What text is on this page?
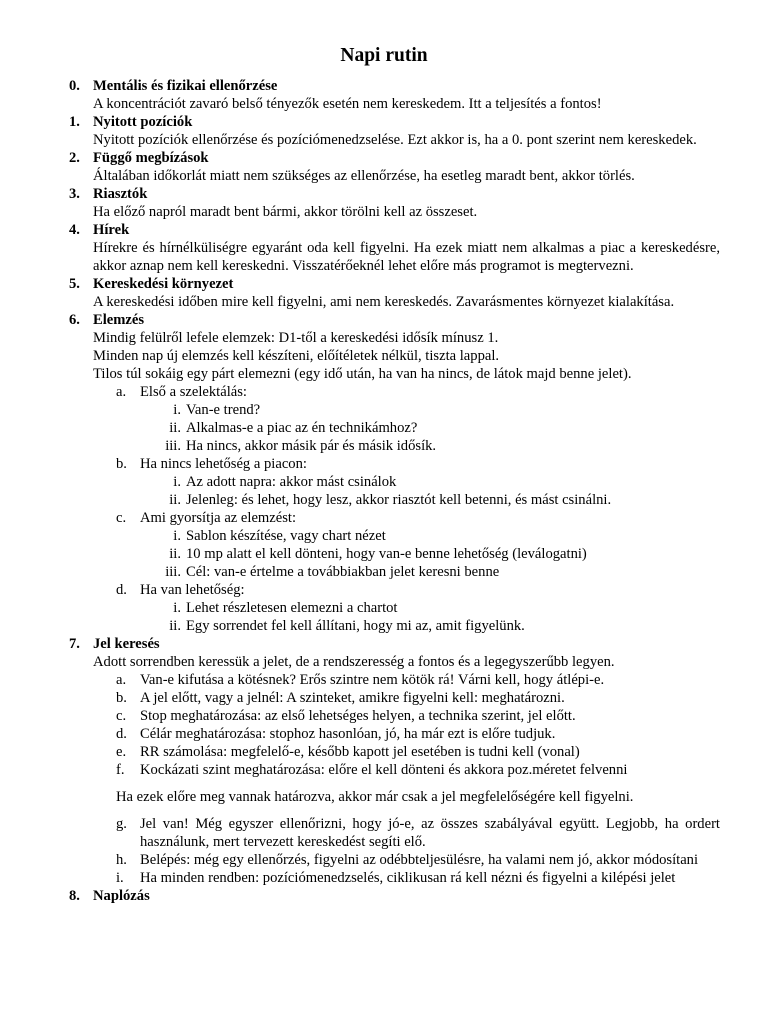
Napi rutin
0. Mentális és fizikai ellenőrzése
A koncentrációt zavaró belső tényezők esetén nem kereskedem. Itt a teljesítés a fontos!
1. Nyitott pozíciók
Nyitott pozíciók ellenőrzése és pozíciómenedzselése. Ezt akkor is, ha a 0. pont szerint nem kereskedek.
2. Függő megbízások
Általában időkorlát miatt nem szükséges az ellenőrzése, ha esetleg maradt bent, akkor törlés.
3. Riasztók
Ha előző napról maradt bent bármi, akkor törölni kell az összeset.
4. Hírek
Hírekre és hírnélküliségre egyaránt oda kell figyelni. Ha ezek miatt nem alkalmas a piac a kereskedésre, akkor aznap nem kell kereskedni. Visszatérőeknél lehet előre más programot is megtervezni.
5. Kereskedési környezet
A kereskedési időben mire kell figyelni, ami nem kereskedés. Zavarásmentes környezet kialakítása.
6. Elemzés
Mindig felülről lefele elemzek: D1-től a kereskedési idősík mínusz 1.
Minden nap új elemzés kell készíteni, előítéletek nélkül, tiszta lappal.
Tilos túl sokáig egy párt elemezni (egy idő után, ha van ha nincs, de látok majd benne jelet).
a. Első a szelektálás:
i. Van-e trend?
ii. Alkalmas-e a piac az én technikámhoz?
iii. Ha nincs, akkor másik pár és másik idősík.
b. Ha nincs lehetőség a piacon:
i. Az adott napra: akkor mást csinálok
ii. Jelenleg: és lehet, hogy lesz, akkor riasztót kell betenni, és mást csinálni.
c. Ami gyorsítja az elemzést:
i. Sablon készítése, vagy chart nézet
ii. 10 mp alatt el kell dönteni, hogy van-e benne lehetőség (leválogatni)
iii. Cél: van-e értelme a továbbiakban jelet keresni benne
d. Ha van lehetőség:
i. Lehet részletesen elemezni a chartot
ii. Egy sorrendet fel kell állítani, hogy mi az, amit figyelünk.
7. Jel keresés
Adott sorrendben keressük a jelet, de a rendszeresség a fontos és a legegyszerűbb legyen.
a. Van-e kifutása a kötésnek? Erős szintre nem kötök rá! Várni kell, hogy átlépi-e.
b. A jel előtt, vagy a jelnél: A szinteket, amikre figyelni kell: meghatározni.
c. Stop meghatározása: az első lehetséges helyen, a technika szerint, jel előtt.
d. Célár meghatározása: stophoz hasonlóan, jó, ha már ezt is előre tudjuk.
e. RR számolása: megfelelő-e, később kapott jel esetében is tudni kell (vonal)
f. Kockázati szint meghatározása: előre el kell dönteni és akkora poz.méretet felvenni
Ha ezek előre meg vannak határozva, akkor már csak a jel megfelelőségére kell figyelni.
g. Jel van! Még egyszer ellenőrizni, hogy jó-e, az összes szabályával együtt. Legjobb, ha ordert használunk, mert tervezett kereskedést segíti elő.
h. Belépés: még egy ellenőrzés, figyelni az odébbteljesülésre, ha valami nem jó, akkor módosítani
i. Ha minden rendben: pozíciómenedzselés, ciklikusan rá kell nézni és figyelni a kilépési jelet
8. Naplózás
